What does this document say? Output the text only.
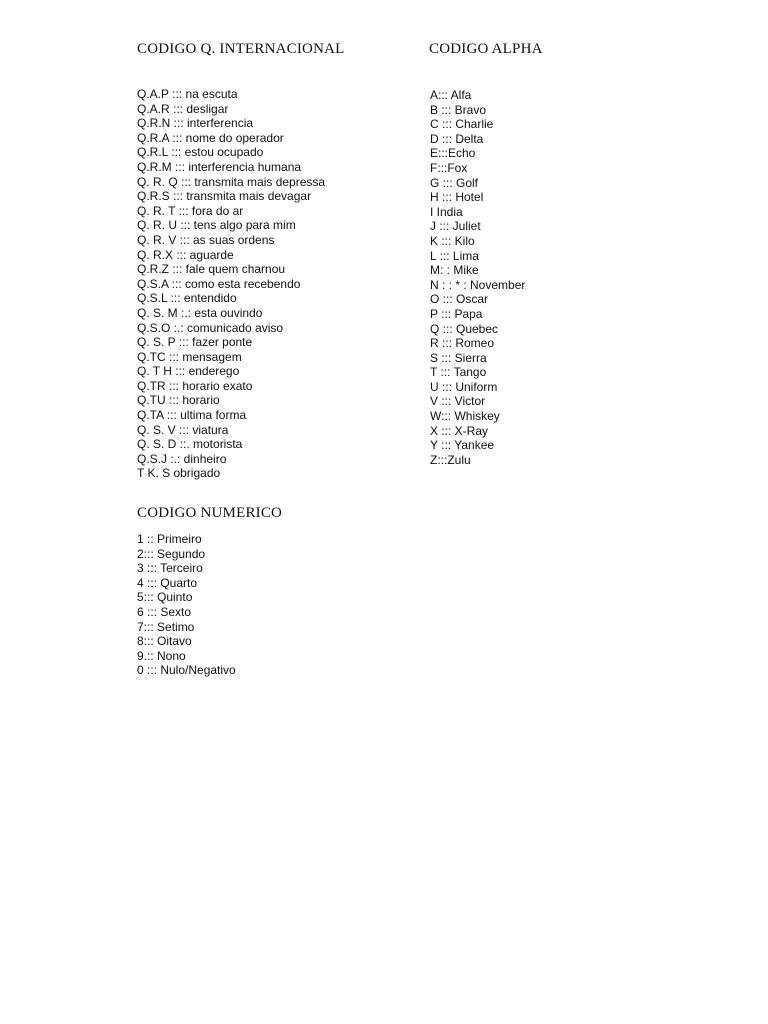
CODIGO Q. INTERNACIONAL	CODIGO ALPHA
CODIGO NUMERICO
Q.A.P ::: na escuta
Q.A.R ::: desligar
Q.R.N ::: interferencia
Q.R.A ::: nome do operador
Q.R.L ::: estou ocupado
Q.R.M ::: interferencia humana
Q. R. Q ::: transmita mais depressa
Q.R.S ::: transmita mais devagar
Q. R. T ::: fora do ar
Q. R. U ::: tens algo para mim
Q. R. V ::: as suas ordens
Q. R.X ::: aguarde
Q.R.Z ::: fale quem charnou
Q.S.A ::: como esta recebendo
Q.S.L ::: entendido
Q. S. M :.: esta ouvindo
Q.S.O :.: comunicado aviso
Q. S. P ::: fazer ponte
Q.TC ::: mensagem
Q. T H ::: enderego
Q.TR ::: horario exato
Q.TU ::: horario
Q.TA ::: ultima forma
Q. S. V ::: viatura
Q. S. D ::. motorista
Q.S.J :.: dinheiro
T K. S obrigado
A::: Alfa
B ::: Bravo
C ::: Charlie
D ::: Delta
E:::Echo
F:::Fox
G ::: Golf
H ::: Hotel
I India
J ::: Juliet
K ::: Kilo
L ::: Lima
M: : Mike
N : : * : November
O ::: Oscar
P ::: Papa
Q ::: Quebec
R ::: Romeo
S ::: Sierra
T ::: Tango
U ::: Uniform
V ::: Victor
W::: Whiskey
X ::: X-Ray
Y ::: Yankee
Z:::Zulu
1 :: Primeiro
2::: Segundo
3 ::: Terceiro
4 ::: Quarto
5::: Quinto
6 ::: Sexto
7::: Setimo
8::: Oitavo
9.:: Nono
0 ::: Nulo/Negativo
